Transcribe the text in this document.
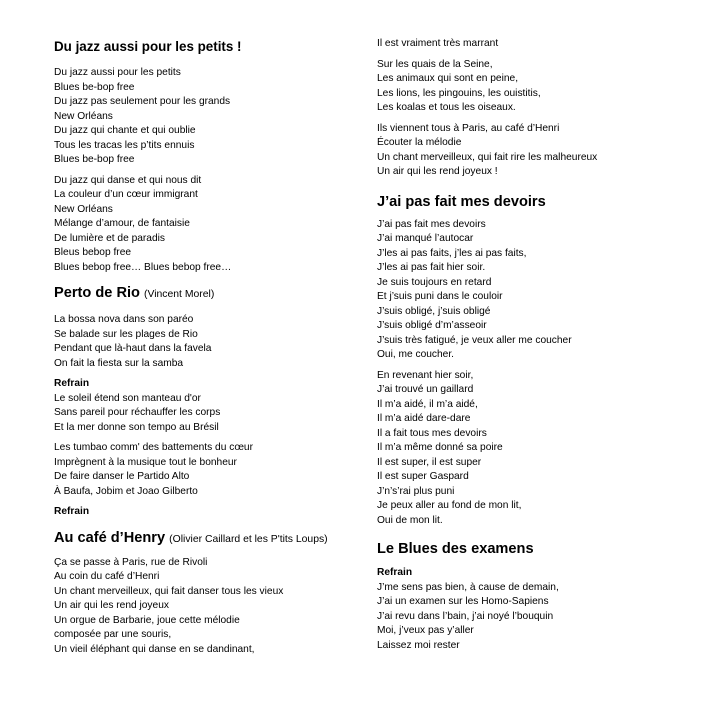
Du jazz aussi pour les petits !
Du jazz aussi pour les petits
Blues be-bop free
Du jazz pas seulement pour les grands
New Orléans
Du jazz qui chante et qui oublie
Tous les tracas les p’tits ennuis
Blues be-bop free
Du jazz qui danse et qui nous dit
La couleur d’un cœur immigrant
New Orléans
Mélange d’amour, de fantaisie
De lumière et de paradis
Bleus bebop free
Blues bebop free… Blues bebop free…
Perto de Rio (Vincent Morel)
La bossa nova dans son paréo
Se balade sur les plages de Rio
Pendant que là-haut dans la favela
On fait la fiesta sur la samba
Refrain
Le soleil étend son manteau d'or
Sans pareil pour réchauffer les corps
Et la mer donne son tempo au Brésil
Les tumbao comm' des battements du cœur
Imprègnent à la musique tout le bonheur
De faire danser le Partido Alto
À Baufa, Jobim et Joao Gilberto
Refrain
Au café d’Henry (Olivier Caillard et les P'tits Loups)
Ça se passe à Paris, rue de Rivoli
Au coin du café d’Henri
Un chant merveilleux, qui fait danser tous les vieux
Un air qui les rend joyeux
Un orgue de Barbarie, joue cette mélodie
composée par une souris,
Un vieil éléphant qui danse en se dandinant,
Il est vraiment très marrant
Sur les quais de la Seine,
Les animaux qui sont en peine,
Les lions, les pingouins, les ouistitis,
Les koalas et tous les oiseaux.
Ils viennent tous à Paris, au café d’Henri
Écouter la mélodie
Un chant merveilleux, qui fait rire les malheureux
Un air qui les rend joyeux !
J’ai pas fait mes devoirs
J’ai pas fait mes devoirs
J’ai manqué l’autocar
J’les ai pas faits, j’les ai pas faits,
J’les ai pas fait hier soir.
Je suis toujours en retard
Et j’suis puni dans le couloir
J’suis obligé, j’suis obligé
J’suis obligé d’m’asseoir
J’suis très fatigué, je veux aller me coucher
Oui, me coucher.
En revenant hier soir,
J’ai trouvé un gaillard
Il m’a aidé, il m’a aidé,
Il m’a aidé dare-dare
Il a fait tous mes devoirs
Il m’a même donné sa poire
Il est super, il est super
Il est super Gaspard
J’n’s’rai plus puni
Je peux aller au fond de mon lit,
Oui de mon lit.
Le Blues des examens
Refrain
J’me sens pas bien, à cause de demain,
J’ai un examen sur les Homo-Sapiens
J’ai revu dans l’bain, j’ai noyé l’bouquin
Moi, j’veux pas y’aller
Laissez moi rester
